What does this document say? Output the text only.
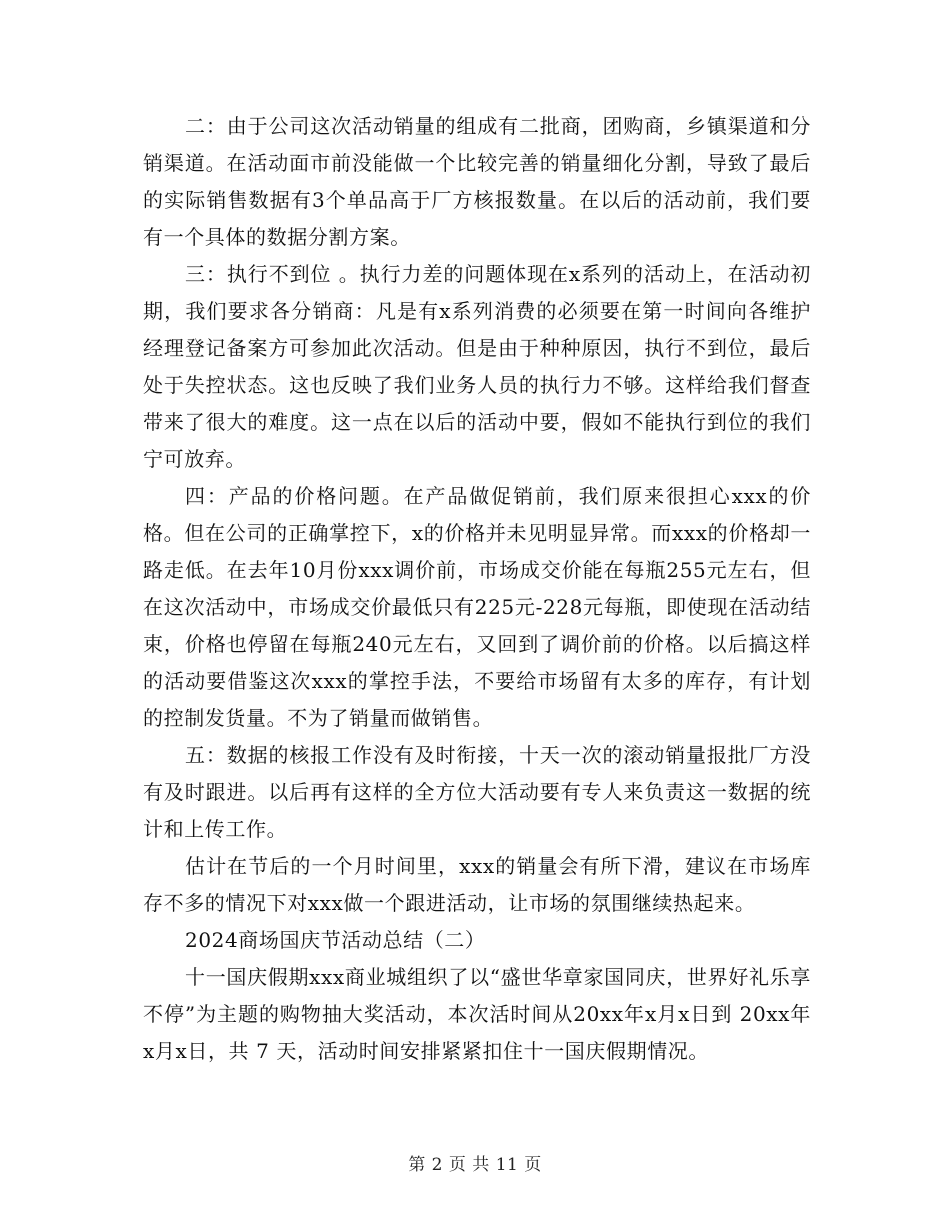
二：由于公司这次活动销量的组成有二批商，团购商，乡镇渠道和分销渠道。在活动面市前没能做一个比较完善的销量细化分割，导致了最后的实际销售数据有3个单品高于厂方核报数量。在以后的活动前，我们要有一个具体的数据分割方案。

三：执行不到位 。执行力差的问题体现在x系列的活动上，在活动初期，我们要求各分销商：凡是有x系列消费的必须要在第一时间向各维护经理登记备案方可参加此次活动。但是由于种种原因，执行不到位，最后处于失控状态。这也反映了我们业务人员的执行力不够。这样给我们督查带来了很大的难度。这一点在以后的活动中要，假如不能执行到位的我们宁可放弃。

四：产品的价格问题。在产品做促销前，我们原来很担心xxx的价格。但在公司的正确掌控下，x的价格并未见明显异常。而xxx的价格却一路走低。在去年10月份xxx调价前，市场成交价能在每瓶255元左右，但在这次活动中，市场成交价最低只有225元-228元每瓶，即使现在活动结束，价格也停留在每瓶240元左右，又回到了调价前的价格。以后搞这样的活动要借鉴这次xxx的掌控手法，不要给市场留有太多的库存，有计划的控制发货量。不为了销量而做销售。

五：数据的核报工作没有及时衔接，十天一次的滚动销量报批厂方没有及时跟进。以后再有这样的全方位大活动要有专人来负责这一数据的统计和上传工作。

估计在节后的一个月时间里，xxx的销量会有所下滑，建议在市场库存不多的情况下对xxx做一个跟进活动，让市场的氛围继续热起来。

2024商场国庆节活动总结（二）

十一国庆假期xxx商业城组织了以“盛世华章家国同庆，世界好礼乐享不停”为主题的购物抽大奖活动，本次活时间从20xx年x月x日到 20xx年x月x日，共 7 天，活动时间安排紧紧扣住十一国庆假期情况。

第 2 页 共 11 页
